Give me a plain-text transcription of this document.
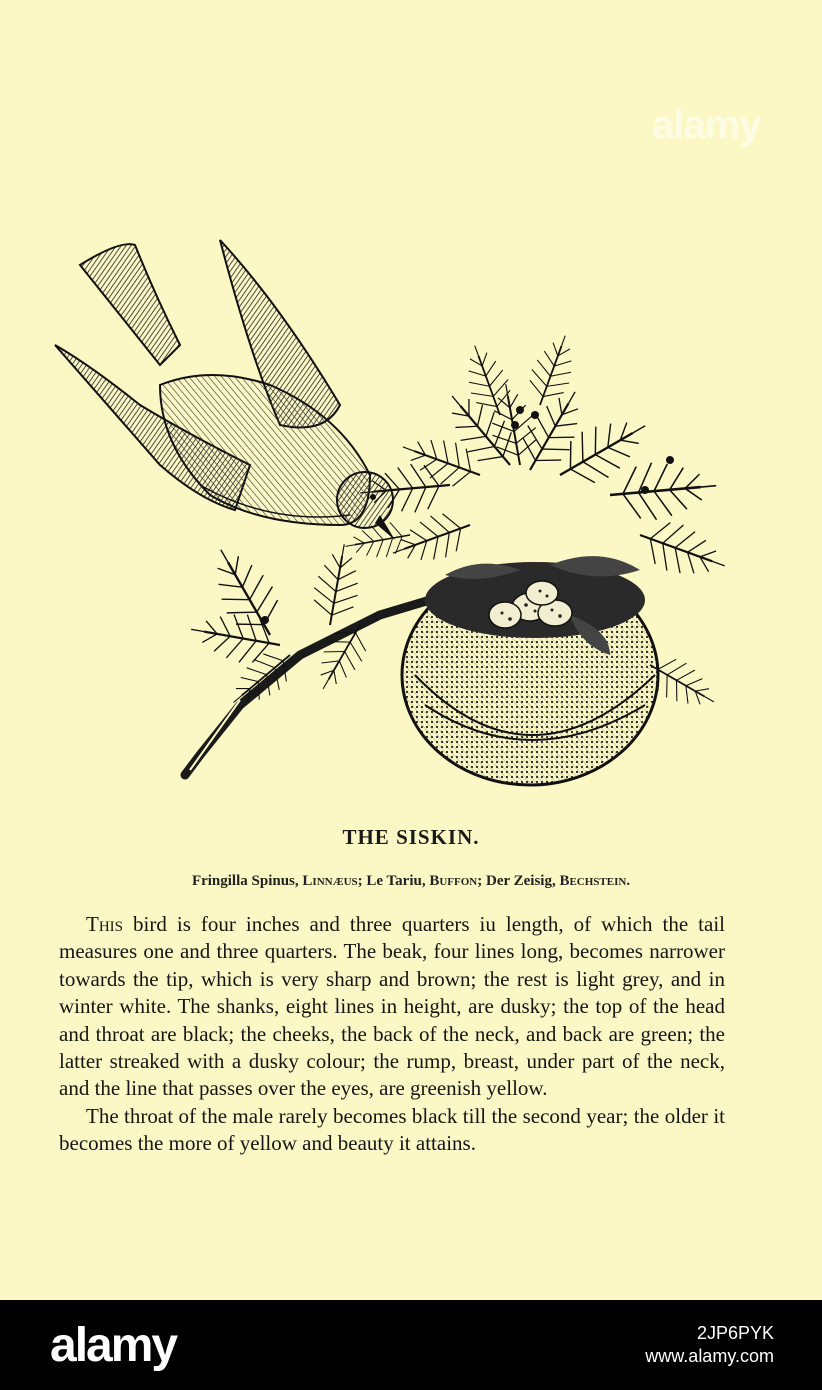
alamy
THE SISKIN.
Fringilla Spinus, Linnæus; Le Tariu, Buffon; Der Zeisig, Bechstein.

This bird is four inches and three quarters iu length, of which the tail measures one and three quarters. The beak, four lines long, becomes narrower towards the tip, which is very sharp and brown; the rest is light grey, and in winter white. The shanks, eight lines in height, are dusky; the top of the head and throat are black; the cheeks, the back of the neck, and back are green; the latter streaked with a dusky colour; the rump, breast, under part of the neck, and the line that passes over the eyes, are greenish yellow.

The throat of the male rarely becomes black till the second year; the older it becomes the more of yellow and beauty it attains.

alamy	2JP6PYK
www.alamy.com
